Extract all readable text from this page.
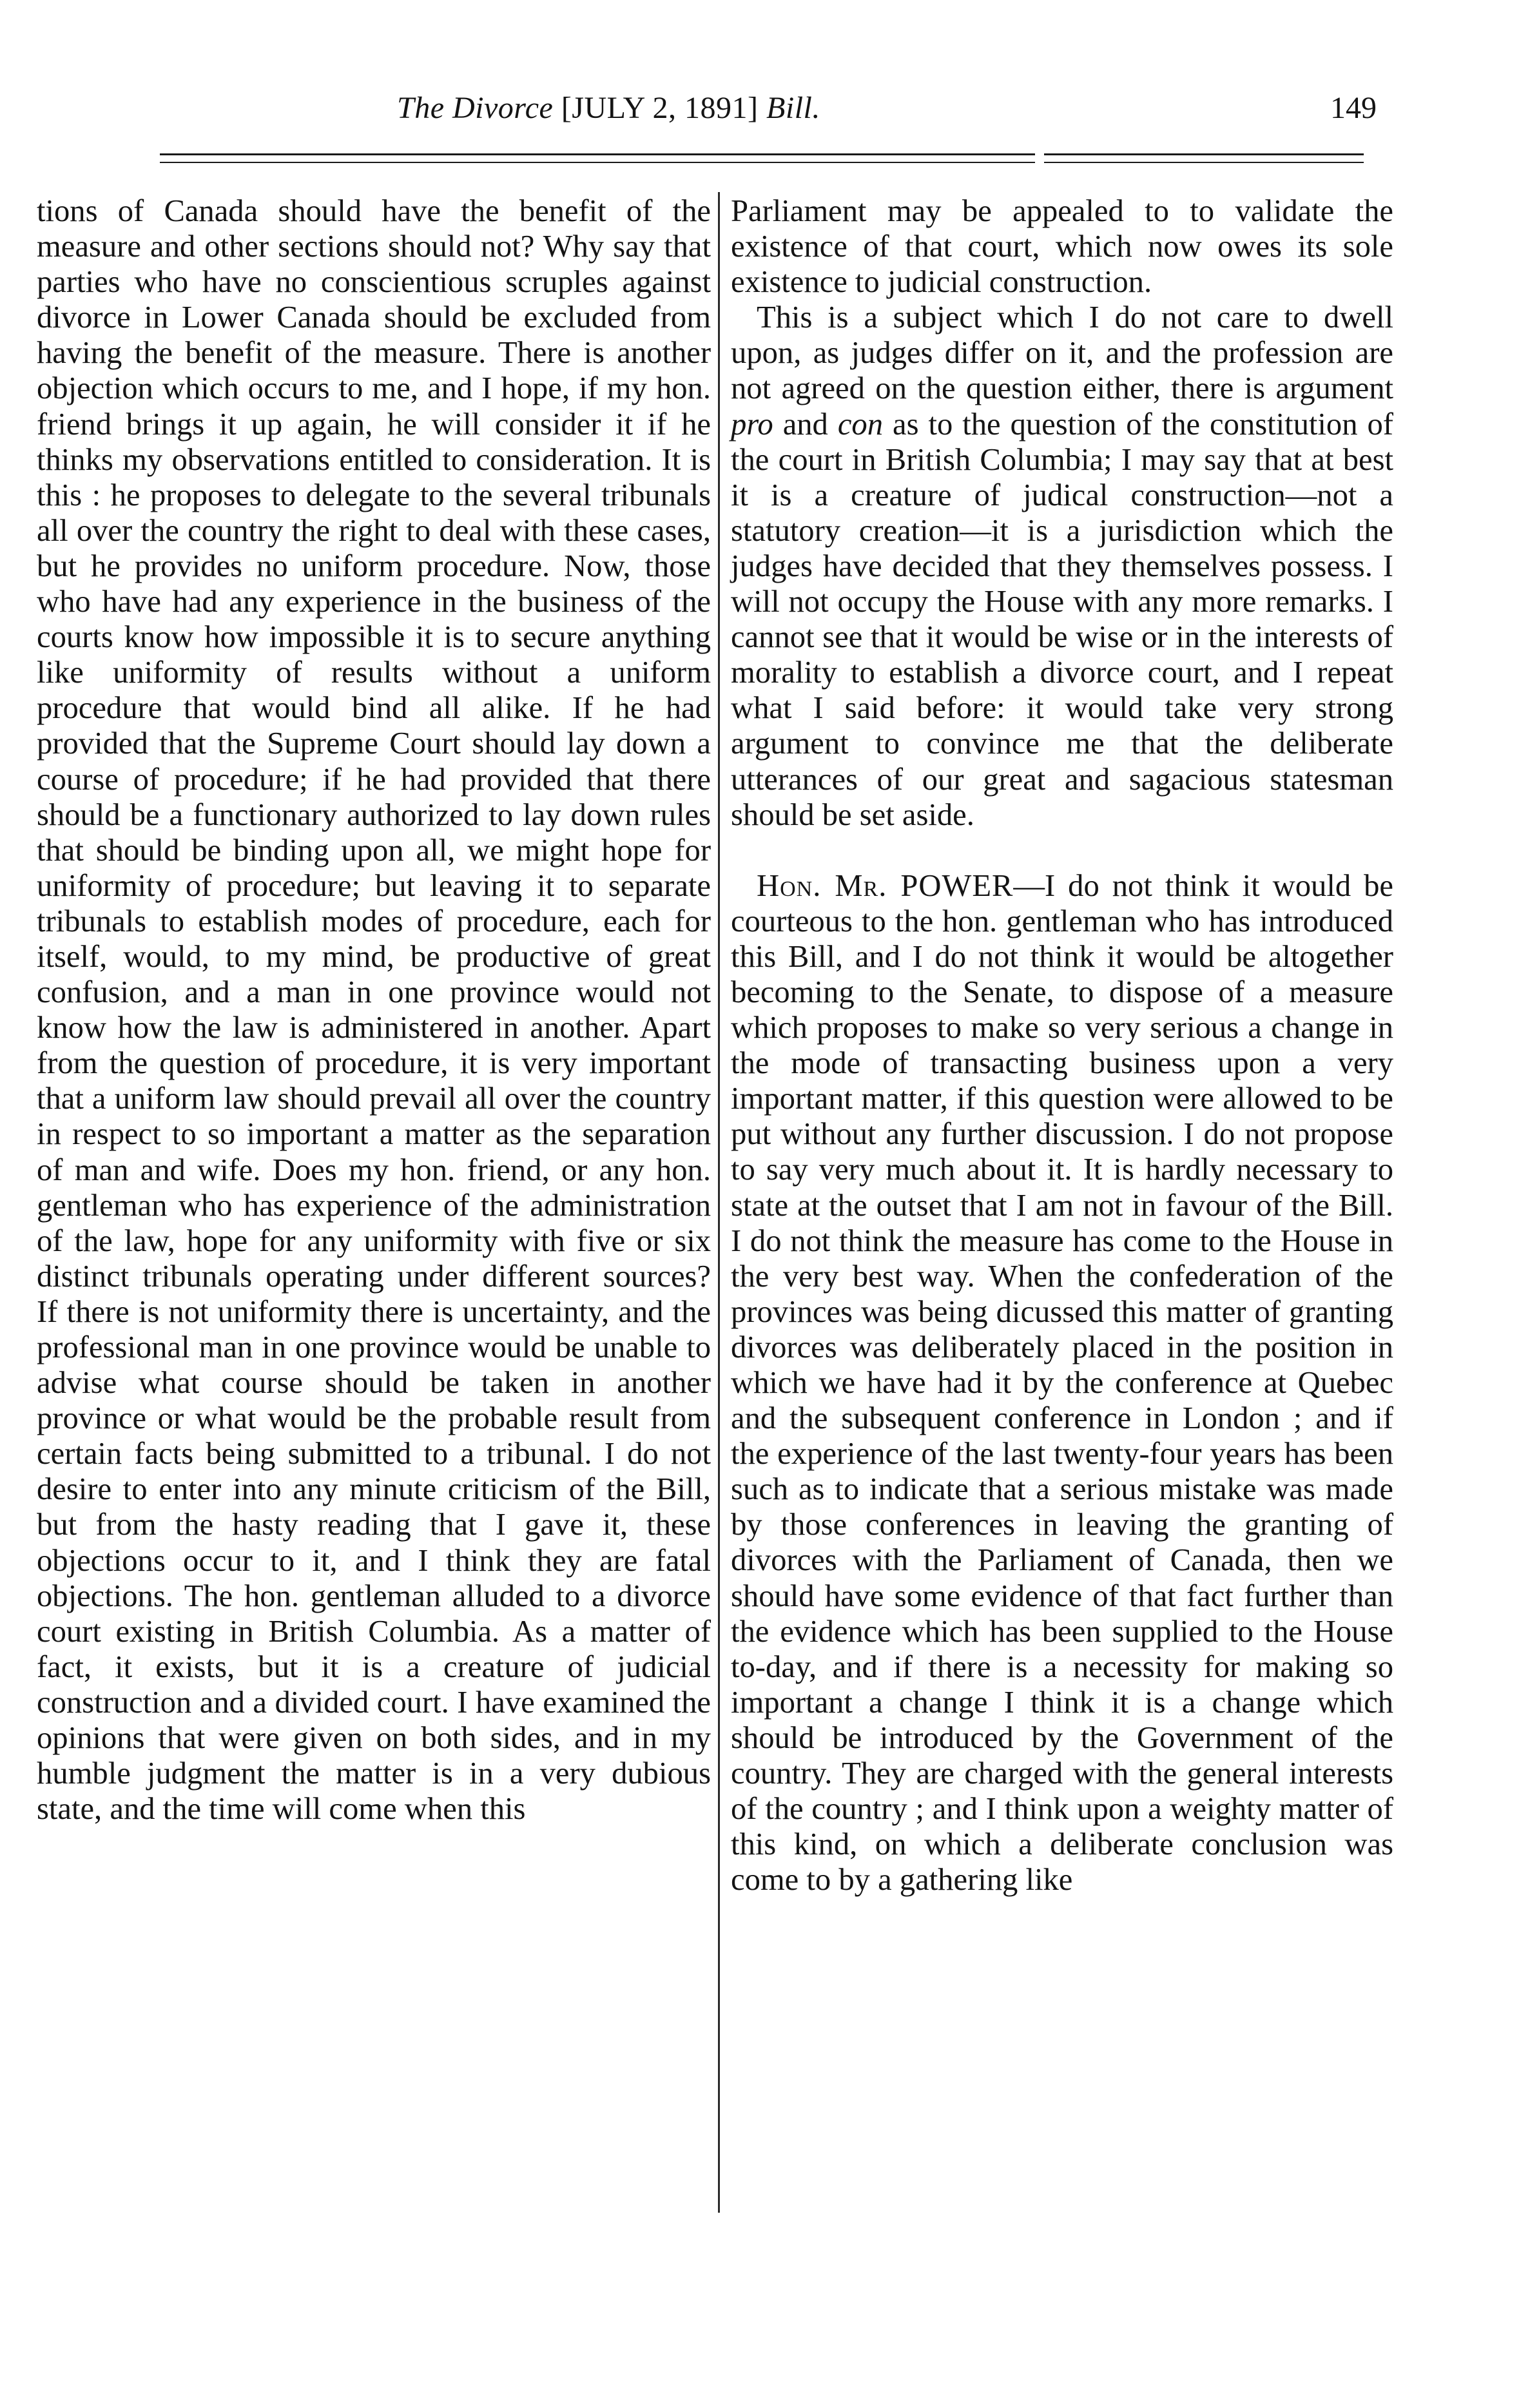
The Divorce [JULY 2, 1891] Bill.	149

tions of Canada should have the benefit of the measure and other sections should not? Why say that parties who have no conscientious scruples against divorce in Lower Canada should be excluded from having the benefit of the measure. There is another objection which occurs to me, and I hope, if my hon. friend brings it up again, he will consider it if he thinks my observations entitled to consideration. It is this : he proposes to delegate to the several tribunals all over the country the right to deal with these cases, but he provides no uniform procedure. Now, those who have had any experience in the business of the courts know how impossible it is to secure anything like uniformity of results without a uniform procedure that would bind all alike. If he had provided that the Supreme Court should lay down a course of procedure; if he had provided that there should be a functionary authorized to lay down rules that should be binding upon all, we might hope for uniformity of procedure; but leaving it to separate tribunals to establish modes of procedure, each for itself, would, to my mind, be productive of great confusion, and a man in one province would not know how the law is administered in another. Apart from the question of procedure, it is very important that a uniform law should prevail all over the country in respect to so important a matter as the separation of man and wife. Does my hon. friend, or any hon. gentleman who has experience of the administration of the law, hope for any uniformity with five or six distinct tribunals operating under different sources? If there is not uniformity there is uncertainty, and the professional man in one province would be unable to advise what course should be taken in another province or what would be the probable result from certain facts being submitted to a tribunal. I do not desire to enter into any minute criticism of the Bill, but from the hasty reading that I gave it, these objections occur to it, and I think they are fatal objections. The hon. gentleman alluded to a divorce court existing in British Columbia. As a matter of fact, it exists, but it is a creature of judicial construction and a divided court. I have examined the opinions that were given on both sides, and in my humble judgment the matter is in a very dubious state, and the time will come when this

Parliament may be appealed to to validate the existence of that court, which now owes its sole existence to judicial construction.

This is a subject which I do not care to dwell upon, as judges differ on it, and the profession are not agreed on the question either, there is argument pro and con as to the question of the constitution of the court in British Columbia; I may say that at best it is a creature of judical construction—not a statutory creation—it is a jurisdiction which the judges have decided that they themselves possess. I will not occupy the House with any more remarks. I cannot see that it would be wise or in the interests of morality to establish a divorce court, and I repeat what I said before: it would take very strong argument to convince me that the deliberate utterances of our great and sagacious statesman should be set aside.

Hon. Mr. POWER—I do not think it would be courteous to the hon. gentleman who has introduced this Bill, and I do not think it would be altogether becoming to the Senate, to dispose of a measure which proposes to make so very serious a change in the mode of transacting business upon a very important matter, if this question were allowed to be put without any further discussion. I do not propose to say very much about it. It is hardly necessary to state at the outset that I am not in favour of the Bill. I do not think the measure has come to the House in the very best way. When the confederation of the provinces was being dicussed this matter of granting divorces was deliberately placed in the position in which we have had it by the conference at Quebec and the subsequent conference in London ; and if the experience of the last twenty-four years has been such as to indicate that a serious mistake was made by those conferences in leaving the granting of divorces with the Parliament of Canada, then we should have some evidence of that fact further than the evidence which has been supplied to the House to-day, and if there is a necessity for making so important a change I think it is a change which should be introduced by the Government of the country. They are charged with the general interests of the country ; and I think upon a weighty matter of this kind, on which a deliberate conclusion was come to by a gathering like
